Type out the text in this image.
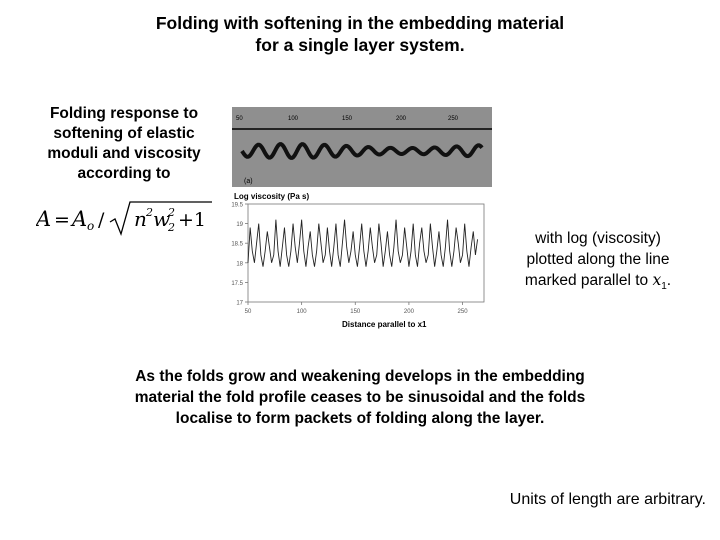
Folding with softening in the embedding material
for a single layer system.
Folding response to
softening of elastic
moduli and viscosity
according to
A = A o / n 2 w
2
2 +1
50	100	150	200	250
(a)
Log viscosity (Pa s)
Distance parallel to x1
19.5
19
18.5
18
17.5
17
50	100	150	200	250
with log (viscosity)
plotted along the line
marked parallel to $x_1$.
As the folds grow and weakening develops in the embedding
material the fold profile ceases to be sinusoidal and the folds
localise to form packets of folding along the layer.
Units of length are arbitrary.
